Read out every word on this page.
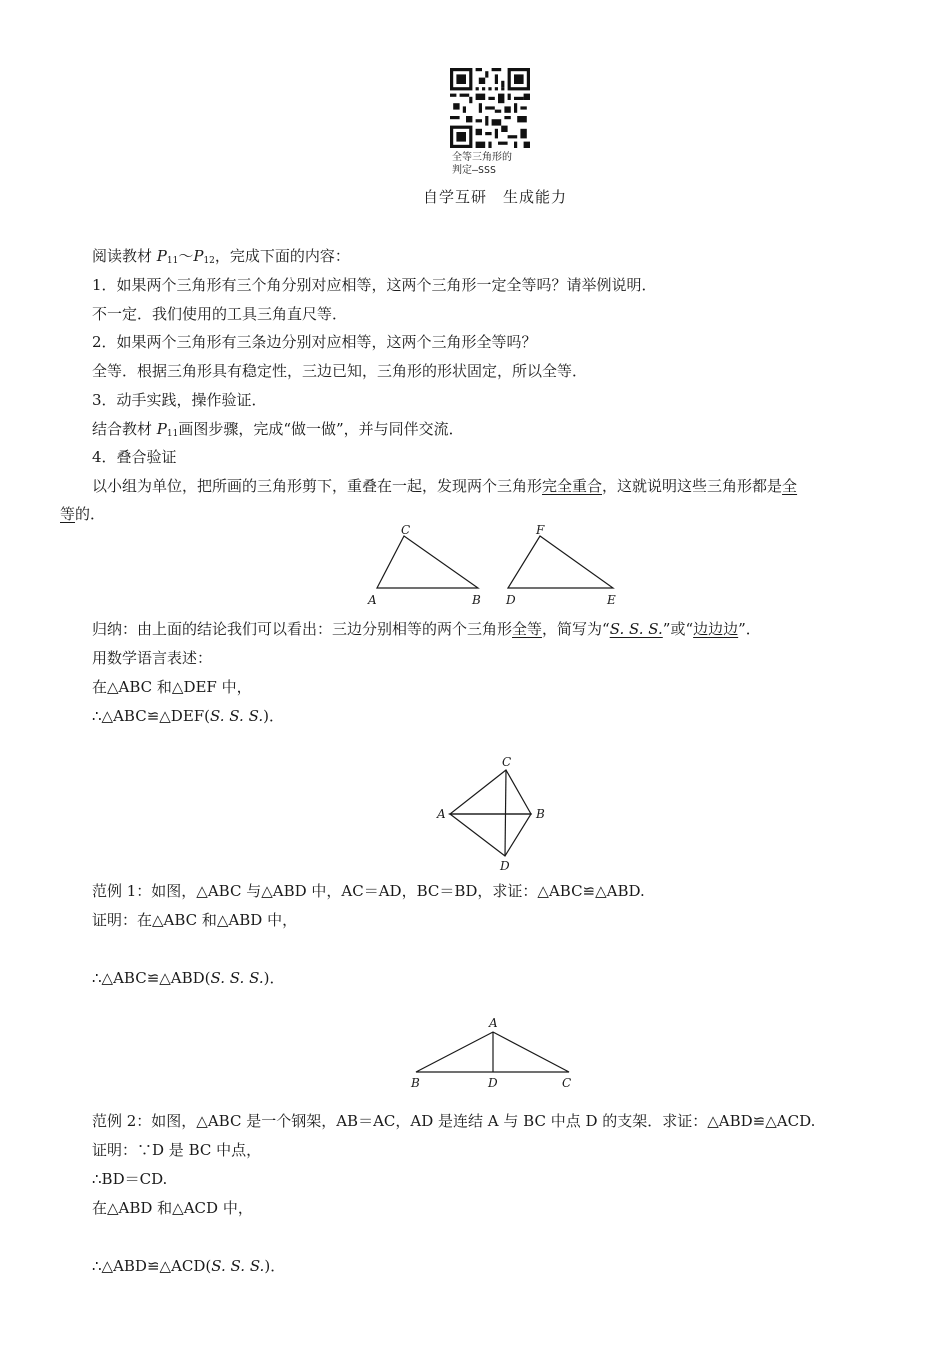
全等三角形的
判定—SSS
自学互研　生成能力
阅读教材 $P_{11}\sim P_{12}$，完成下面的内容：
1．如果两个三角形有三个角分别对应相等，这两个三角形一定全等吗？请举例说明．
不一定．我们使用的工具三角直尺等．
2．如果两个三角形有三条边分别对应相等，这两个三角形全等吗？
全等．根据三角形具有稳定性，三边已知，三角形的形状固定，所以全等．
3．动手实践，操作验证．
结合教材 $P_{11}$画图步骤，完成“做一做”，并与同伴交流．
4．叠合验证
以小组为单位，把所画的三角形剪下，重叠在一起，发现两个三角形完全重合，这就说明这些三角形都是全
等的．
C
A	B
F
D	E
归纳：由上面的结论我们可以看出：三边分别相等的两个三角形全等，简写为“S. S. S.”或“边边边”．
用数学语言表述：
在△ABC 和△DEF 中，
∴△ABC≌△DEF(S. S. S.)．
C
A	B
D
范例 1：如图，△ABC 与△ABD 中，AC＝AD，BC＝BD，求证：△ABC≌△ABD.
证明：在△ABC 和△ABD 中，
∴△ABC≌△ABD(S. S. S.)．
A
B	D	C
范例 2：如图，△ABC 是一个钢架，AB＝AC，AD 是连结 A 与 BC 中点 D 的支架．求证：△ABD≌△ACD.
证明：∵D 是 BC 中点，
∴BD＝CD.
在△ABD 和△ACD 中，
∴△ABD≌△ACD(S. S. S.)．
